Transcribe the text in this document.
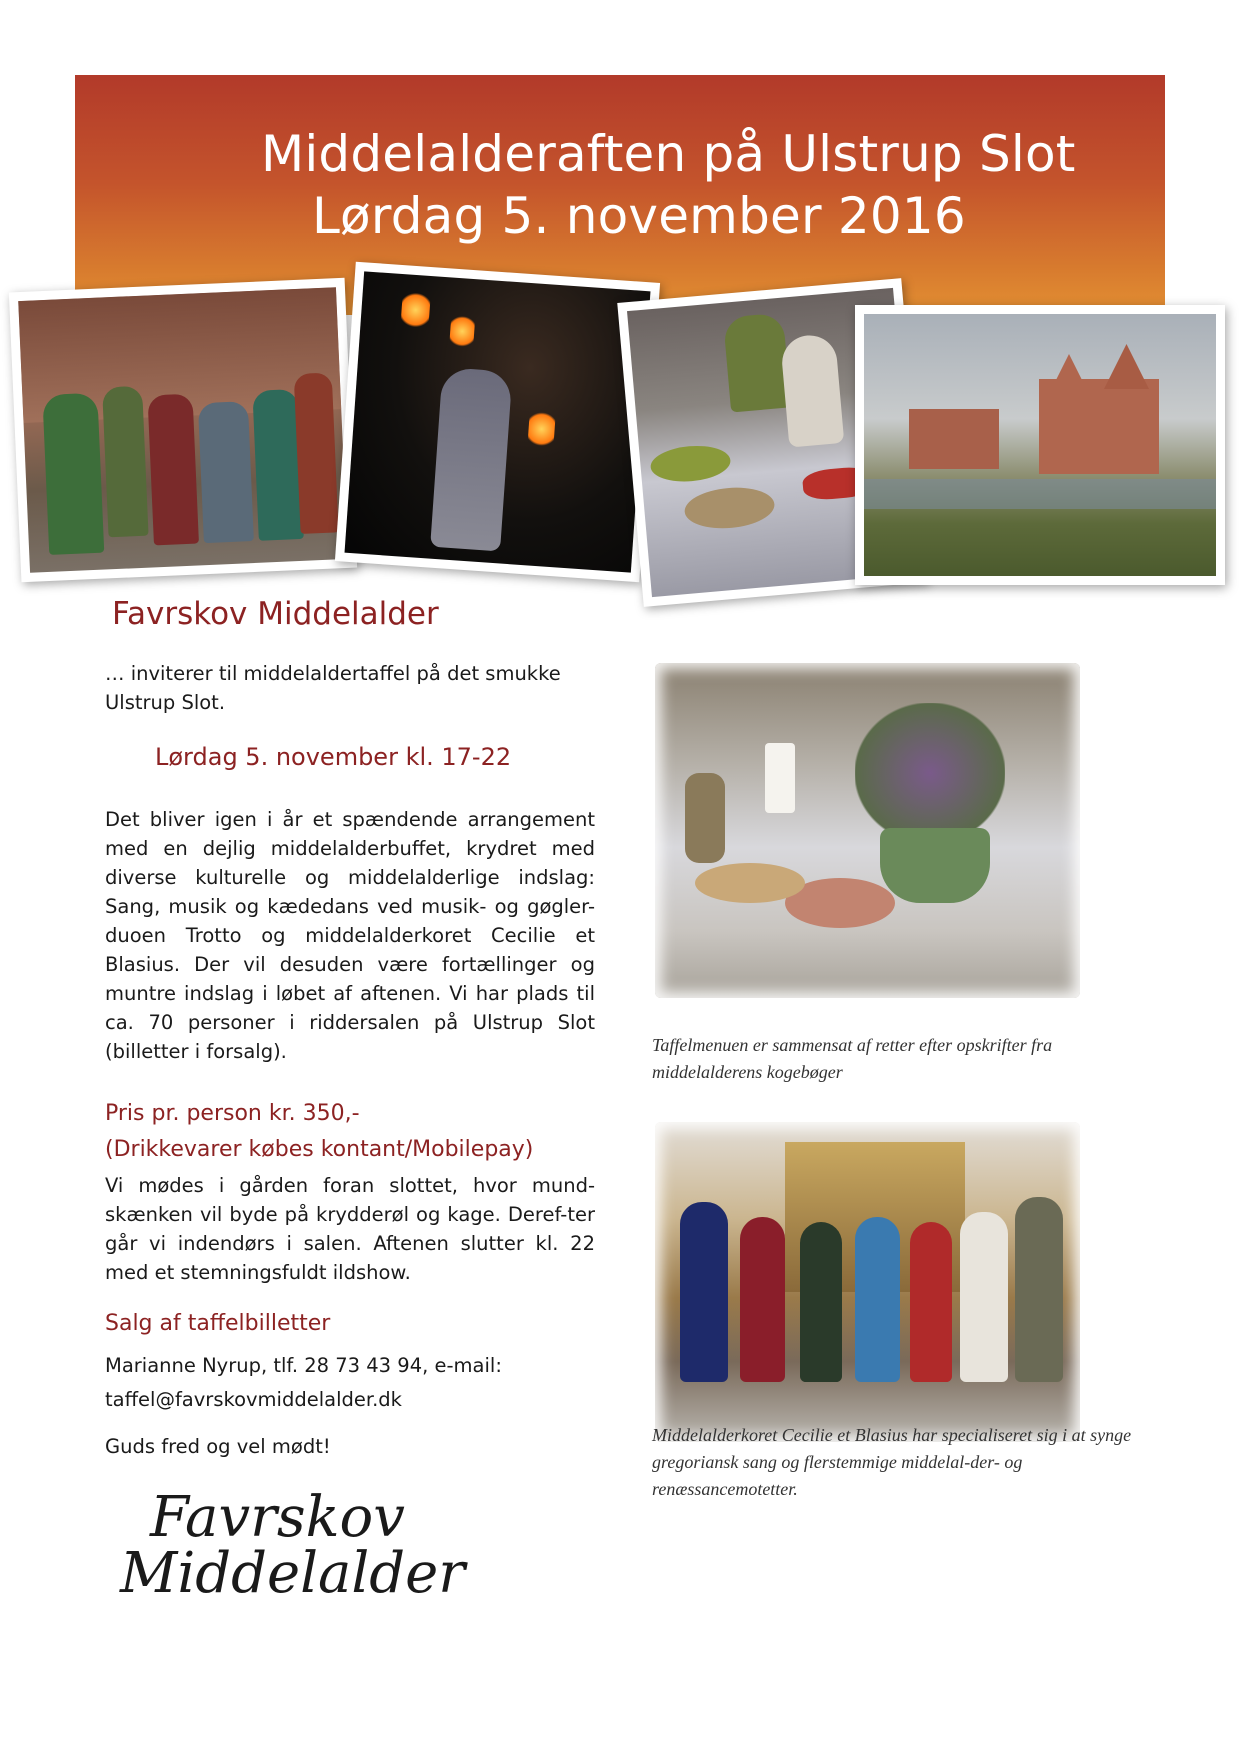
Middelalderaften på Ulstrup Slot
Lørdag 5. november 2016
Favrskov Middelalder
… inviterer til middelaldertaffel på det smukke Ulstrup Slot.
Lørdag 5. november kl. 17-22
Det bliver igen i år et spændende arrangement med en dejlig middelalderbuffet, krydret med diverse kulturelle og middelalderlige indslag: Sang, musik og kædedans ved musik- og gøgler-duoen Trotto og middelalderkoret Cecilie et Blasius. Der vil desuden være fortællinger og muntre indslag i løbet af aftenen. Vi har plads til ca. 70 personer i riddersalen på Ulstrup Slot (billetter i forsalg).
Pris pr. person kr. 350,-
(Drikkevarer købes kontant/Mobilepay)
Vi mødes i gården foran slottet, hvor mund-skænken vil byde på krydderøl og kage. Deref-ter går vi indendørs i salen. Aftenen slutter kl. 22 med et stemningsfuldt ildshow.
Salg af taffelbilletter
Marianne Nyrup, tlf. 28 73 43 94, e-mail:
taffel@favrskovmiddelalder.dk
Guds fred og vel mødt!
Favrskov
Middelalder
Taffelmenuen er sammensat af retter efter opskrifter fra middelalderens kogebøger
Middelalderkoret Cecilie et Blasius har specialiseret sig i at synge gregoriansk sang og flerstemmige middelal-der- og renæssancemotetter.
